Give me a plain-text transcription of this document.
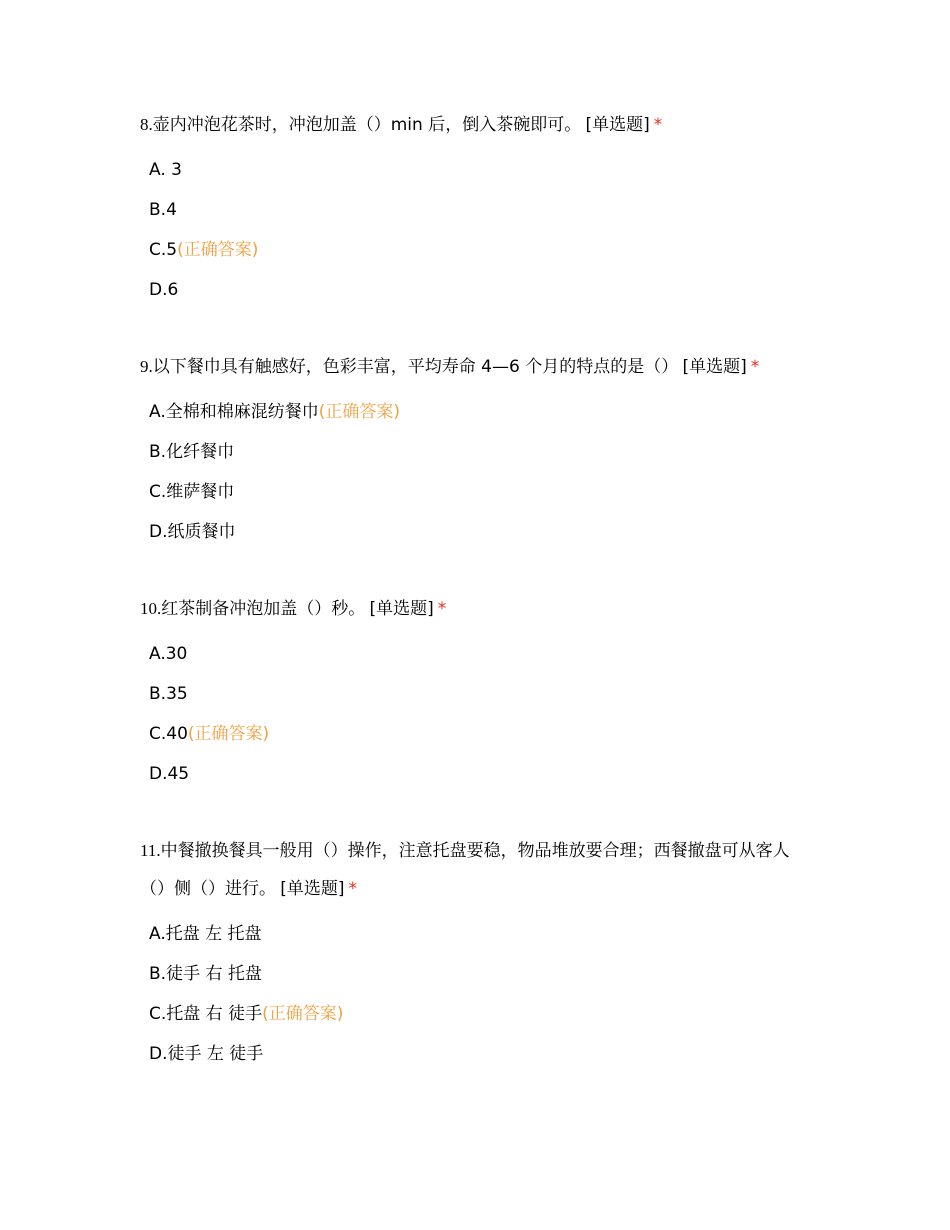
8.壶内冲泡花茶时，冲泡加盖（）min 后，倒入茶碗即可。 [单选题] *

A. 3
B.4
C.5(正确答案)
D.6

9.以下餐巾具有触感好，色彩丰富，平均寿命 4—6 个月的特点的是（） [单选题] *

A.全棉和棉麻混纺餐巾(正确答案)
B.化纤餐巾
C.维萨餐巾
D.纸质餐巾

10.红茶制备冲泡加盖（）秒。 [单选题] *

A.30
B.35
C.40(正确答案)
D.45

11.中餐撤换餐具一般用（）操作，注意托盘要稳，物品堆放要合理；西餐撤盘可从客人（）侧（）进行。 [单选题] *

A.托盘 左 托盘
B.徒手 右 托盘
C.托盘 右 徒手(正确答案)
D.徒手 左 徒手
